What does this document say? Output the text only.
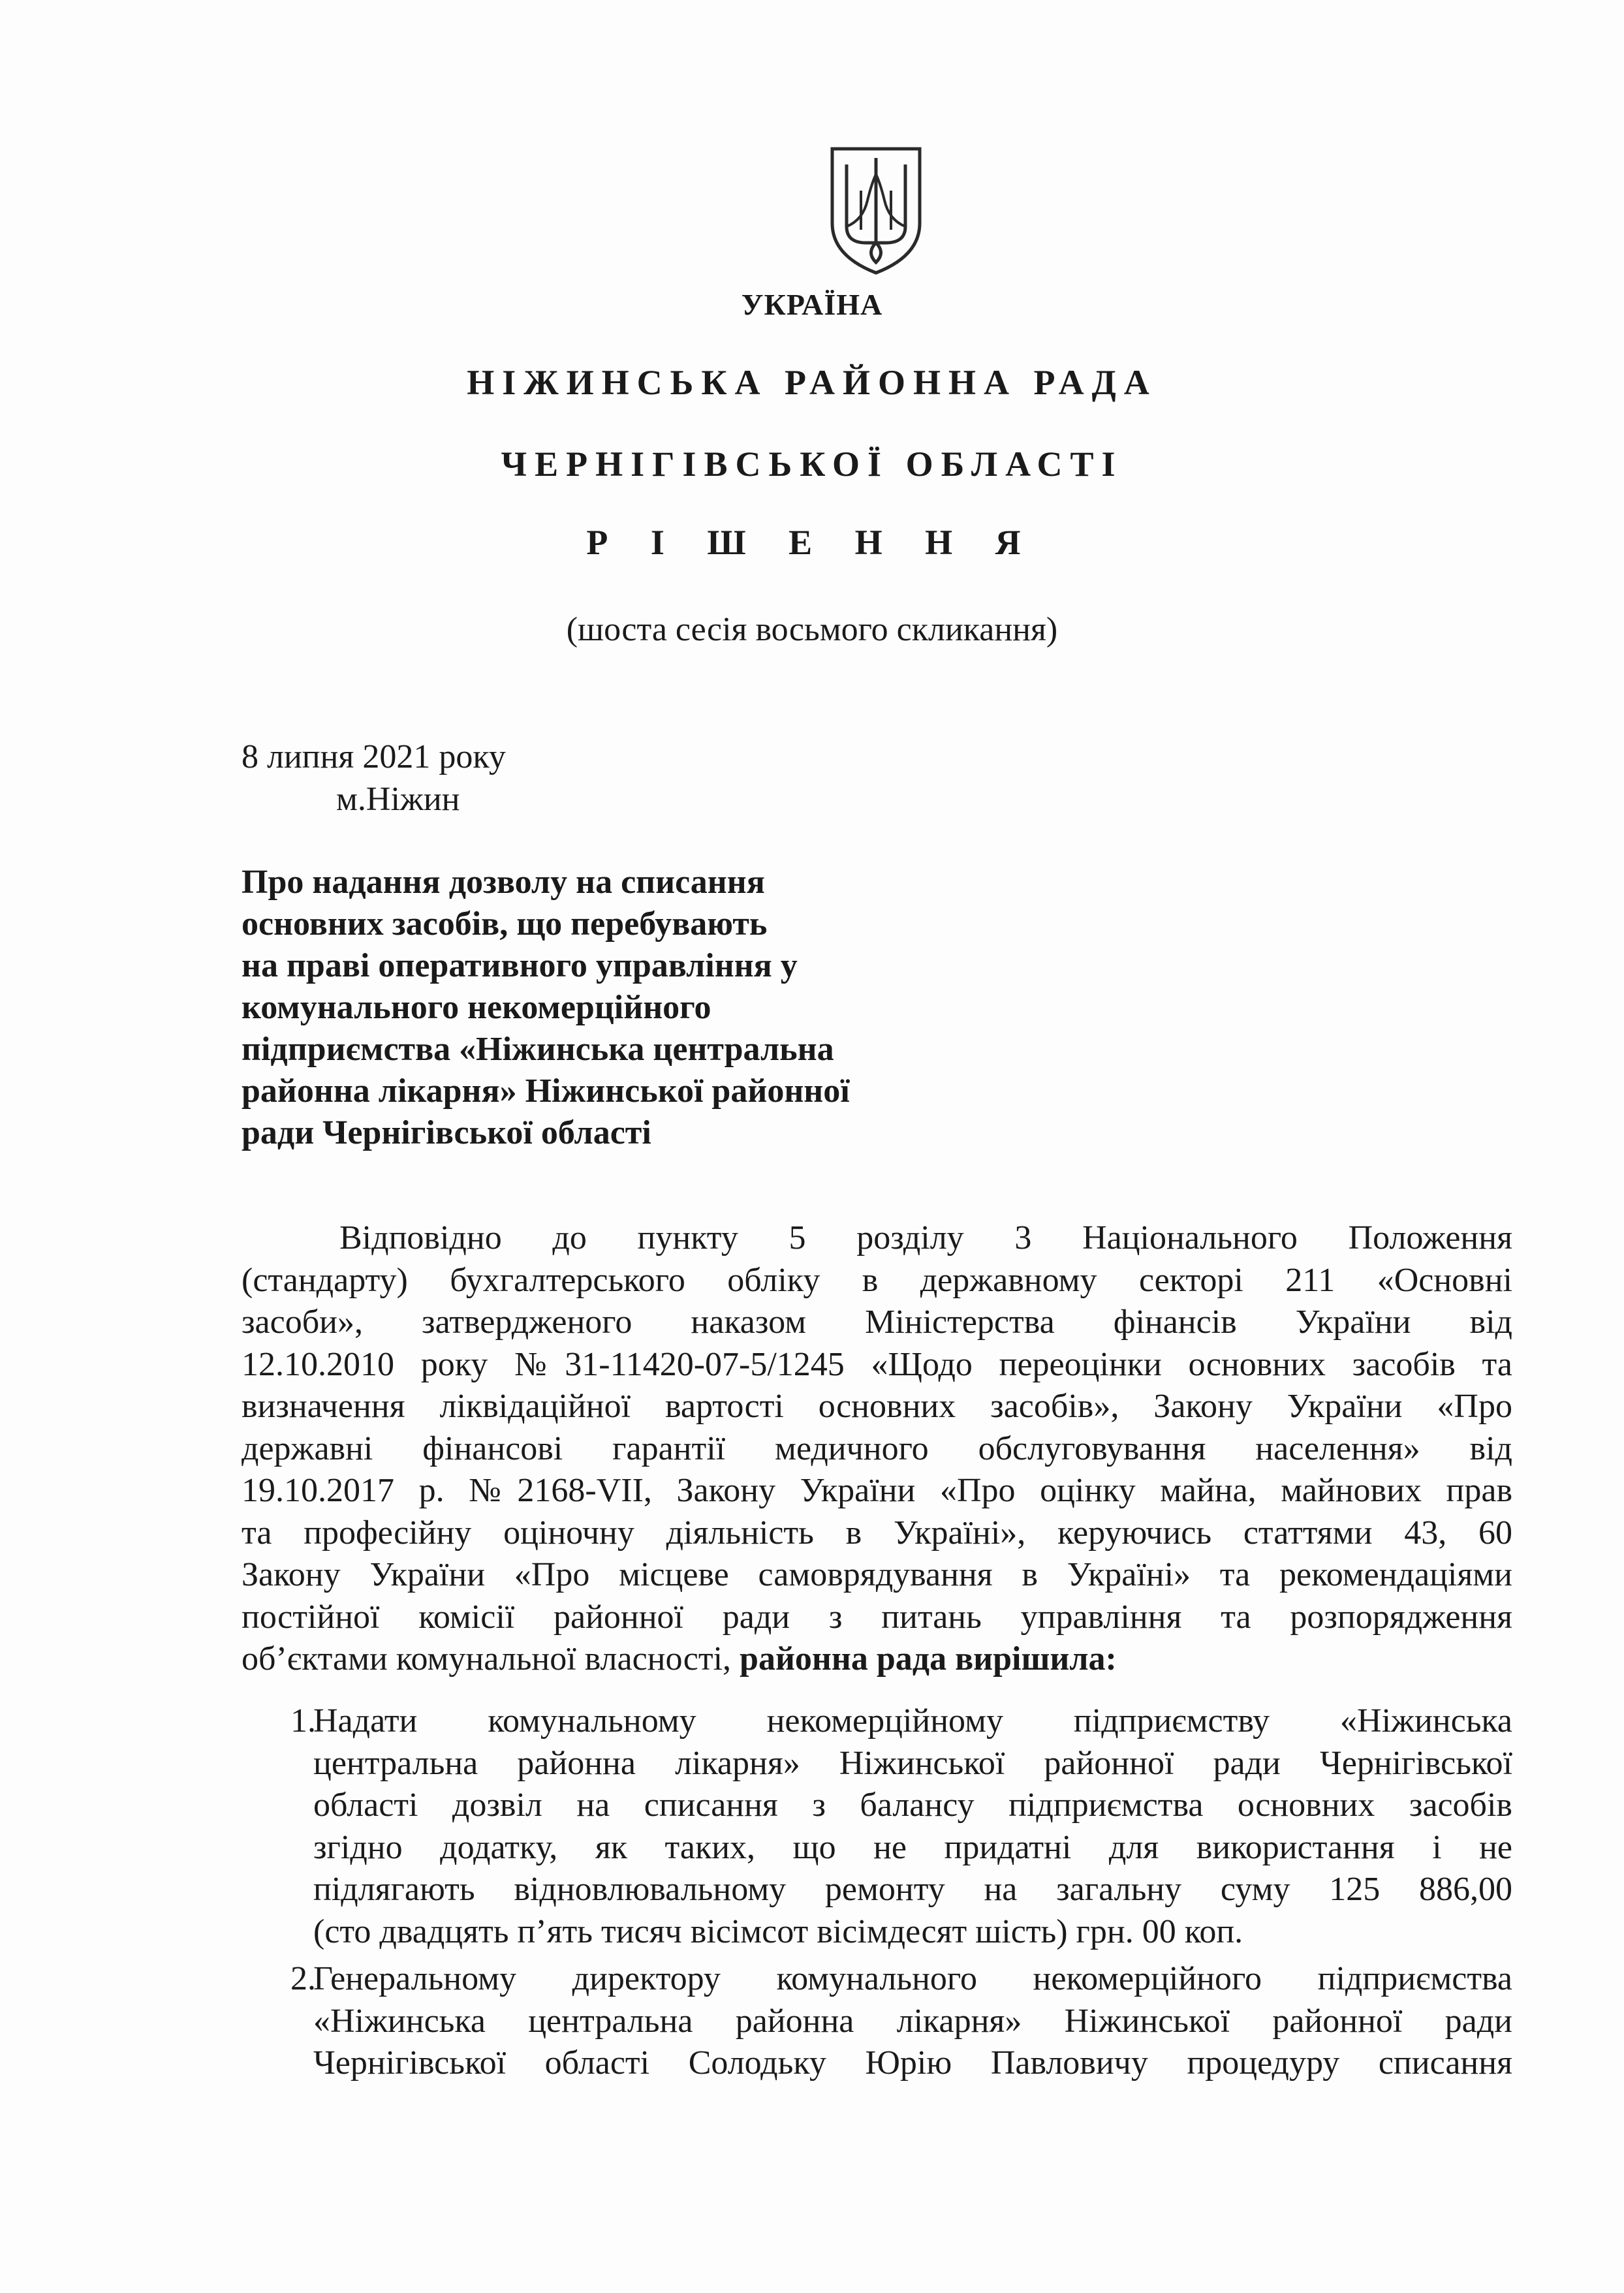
УКРАЇНА
НІЖИНСЬКА РАЙОННА РАДА
ЧЕРНІГІВСЬКОЇ ОБЛАСТІ
Р І Ш Е Н Н Я
(шоста сесія восьмого скликання)
8 липня 2021 року
м.Ніжин
Про надання дозволу на списання
основних засобів, що перебувають
на праві оперативного управління у
комунального некомерційного
підприємства «Ніжинська центральна
районна лікарня» Ніжинської районної
ради Чернігівської області
Відповідно до пункту 5 розділу 3 Національного Положення
(стандарту) бухгалтерського обліку в державному секторі 211 «Основні
засоби», затвердженого наказом Міністерства фінансів України від
12.10.2010 року №31-11420-07-5/1245 «Щодо переоцінки основних засобів та
визначення ліквідаційної вартості основних засобів», Закону України «Про
державні фінансові гарантії медичного обслуговування населення» від
19.10.2017 р. №2168-VII, Закону України «Про оцінку майна, майнових прав
та професійну оціночну діяльність в Україні», керуючись статтями 43, 60
Закону України «Про місцеве самоврядування в Україні» та рекомендаціями
постійної комісії районної ради з питань управління та розпорядження
об’єктами комунальної власності, районна рада вирішила:
1.
Надати комунальному некомерційному підприємству «Ніжинська
центральна районна лікарня» Ніжинської районної ради Чернігівської
області дозвіл на списання з балансу підприємства основних засобів
згідно додатку, як таких, що не придатні для використання і не
підлягають відновлювальному ремонту на загальну суму 125 886,00
(сто двадцять п’ять тисяч вісімсот вісімдесят шість) грн. 00 коп.
2.
Генеральному директору комунального некомерційного підприємства
«Ніжинська центральна районна лікарня» Ніжинської районної ради
Чернігівської області Солодьку Юрію Павловичу процедуру списання
